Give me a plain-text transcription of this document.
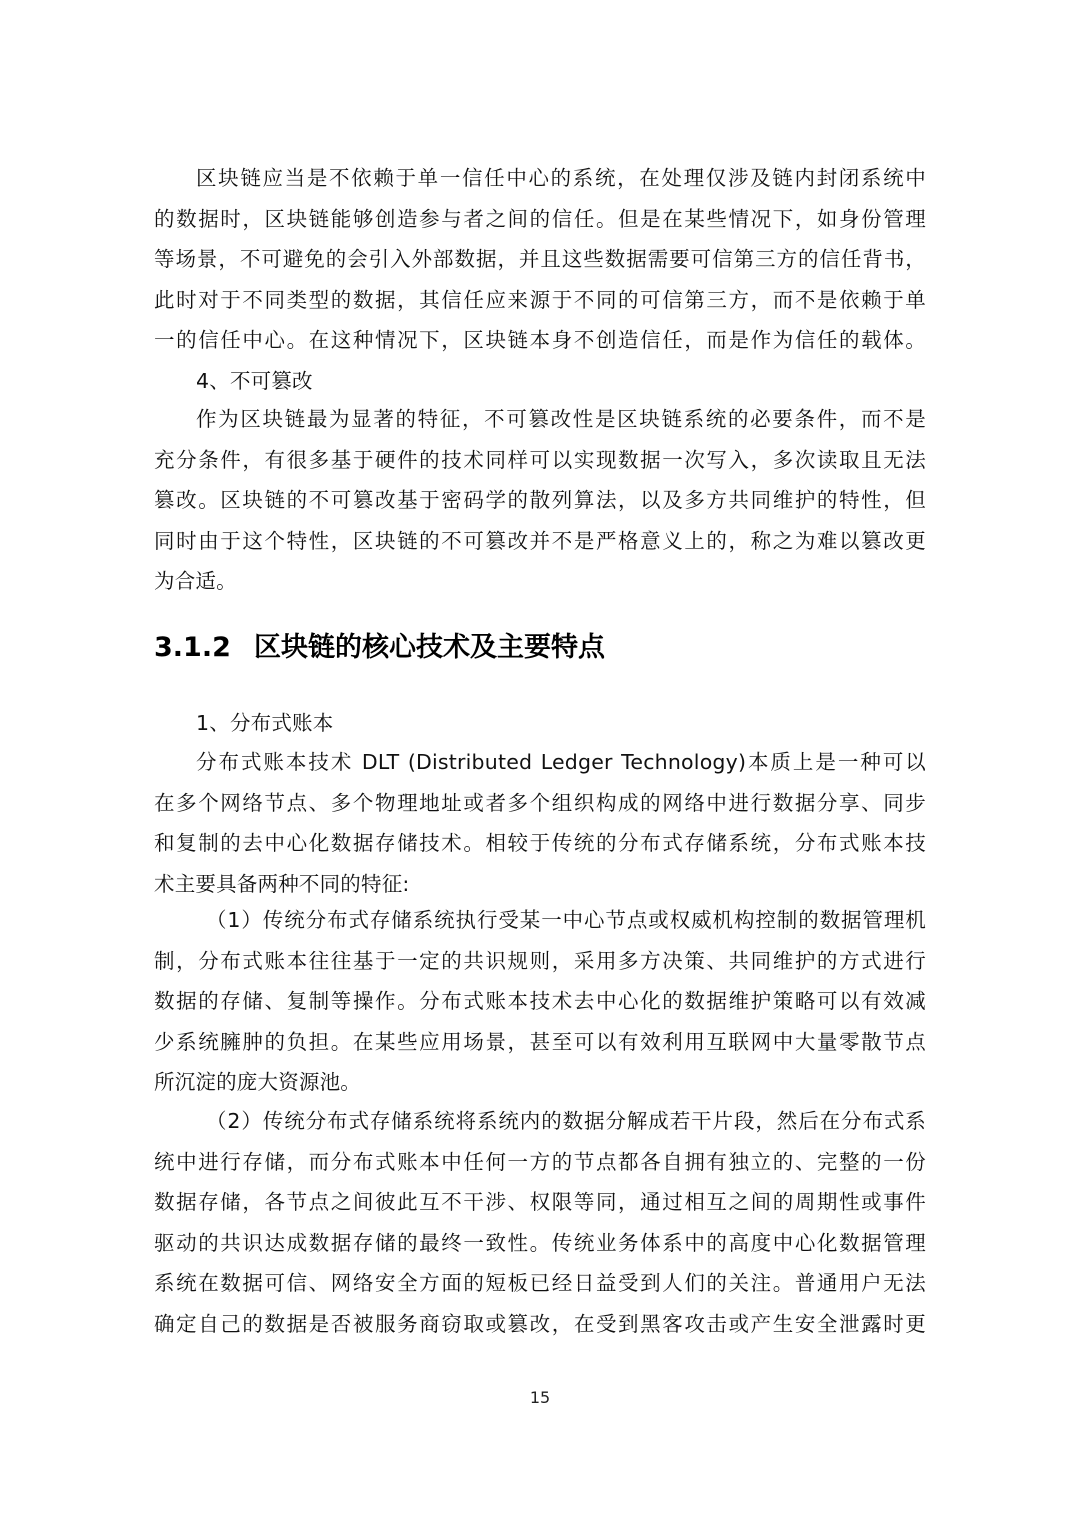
区块链应当是不依赖于单一信任中心的系统，在处理仅涉及链内封闭系统中
的数据时，区块链能够创造参与者之间的信任。但是在某些情况下，如身份管理
等场景，不可避免的会引入外部数据，并且这些数据需要可信第三方的信任背书，
此时对于不同类型的数据，其信任应来源于不同的可信第三方，而不是依赖于单
一的信任中心。在这种情况下，区块链本身不创造信任，而是作为信任的载体。
4、不可篡改
作为区块链最为显著的特征，不可篡改性是区块链系统的必要条件，而不是
充分条件，有很多基于硬件的技术同样可以实现数据一次写入，多次读取且无法
篡改。区块链的不可篡改基于密码学的散列算法，以及多方共同维护的特性，但
同时由于这个特性，区块链的不可篡改并不是严格意义上的，称之为难以篡改更
为合适。
3.1.2 区块链的核心技术及主要特点
1、分布式账本
分布式账本技术 DLT (Distributed Ledger Technology)本质上是一种可以
在多个网络节点、多个物理地址或者多个组织构成的网络中进行数据分享、同步
和复制的去中心化数据存储技术。相较于传统的分布式存储系统，分布式账本技
术主要具备两种不同的特征:
（1）传统分布式存储系统执行受某一中心节点或权威机构控制的数据管理机
制，分布式账本往往基于一定的共识规则，采用多方决策、共同维护的方式进行
数据的存储、复制等操作。分布式账本技术去中心化的数据维护策略可以有效减
少系统臃肿的负担。在某些应用场景，甚至可以有效利用互联网中大量零散节点
所沉淀的庞大资源池。
（2）传统分布式存储系统将系统内的数据分解成若干片段，然后在分布式系
统中进行存储，而分布式账本中任何一方的节点都各自拥有独立的、完整的一份
数据存储，各节点之间彼此互不干涉、权限等同，通过相互之间的周期性或事件
驱动的共识达成数据存储的最终一致性。传统业务体系中的高度中心化数据管理
系统在数据可信、网络安全方面的短板已经日益受到人们的关注。普通用户无法
确定自己的数据是否被服务商窃取或篡改，在受到黑客攻击或产生安全泄露时更
15
